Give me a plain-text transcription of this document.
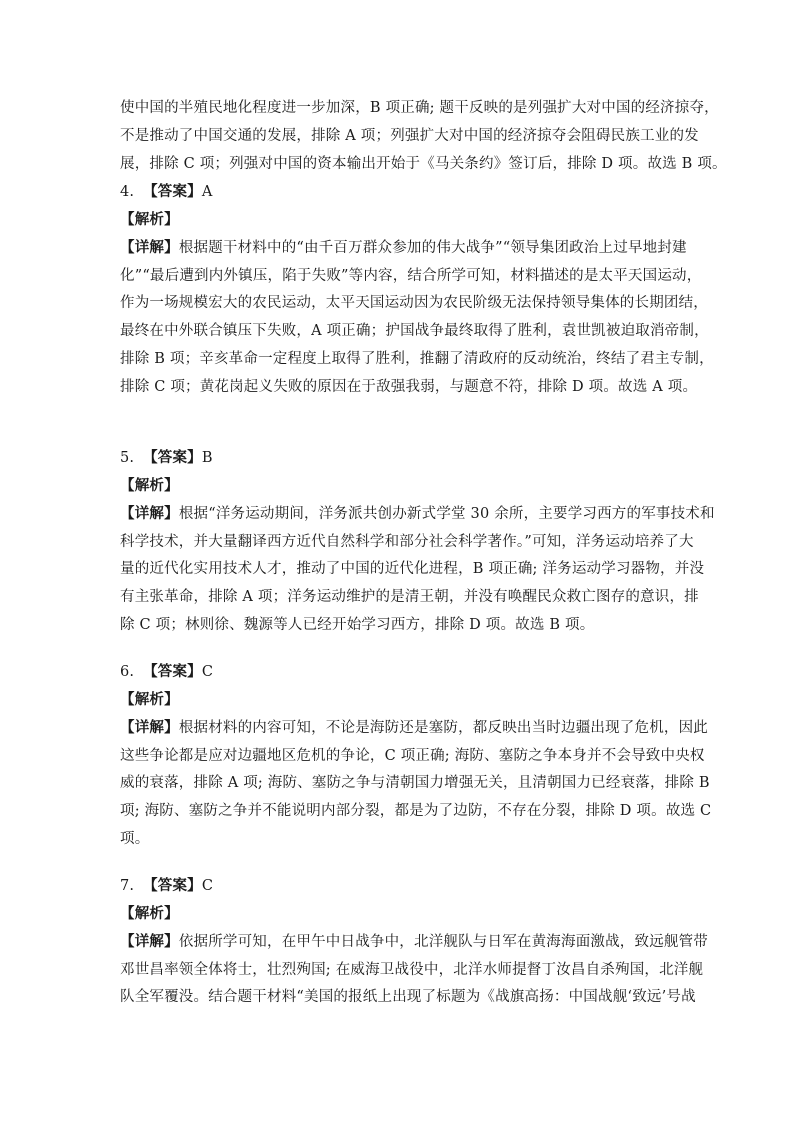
使中国的半殖民地化程度进一步加深，B 项正确; 题干反映的是列强扩大对中国的经济掠夺，
不是推动了中国交通的发展，排除 A 项；列强扩大对中国的经济掠夺会阻碍民族工业的发
展，排除 C 项；列强对中国的资本输出开始于《马关条约》签订后，排除 D 项。故选 B 项。
4. 【答案】A
【解析】
【详解】根据题干材料中的“由千百万群众参加的伟大战争”“领导集团政治上过早地封建
化”“最后遭到内外镇压，陷于失败”等内容，结合所学可知，材料描述的是太平天国运动，
作为一场规模宏大的农民运动，太平天国运动因为农民阶级无法保持领导集体的长期团结，
最终在中外联合镇压下失败，A 项正确；护国战争最终取得了胜利，袁世凯被迫取消帝制，
排除 B 项；辛亥革命一定程度上取得了胜利，推翻了清政府的反动统治，终结了君主专制，
排除 C 项；黄花岗起义失败的原因在于敌强我弱，与题意不符，排除 D 项。故选 A 项。
5. 【答案】B
【解析】
【详解】根据“洋务运动期间，洋务派共创办新式学堂 30 余所，主要学习西方的军事技术和
科学技术，并大量翻译西方近代自然科学和部分社会科学著作。”可知，洋务运动培养了大
量的近代化实用技术人才，推动了中国的近代化进程，B 项正确; 洋务运动学习器物，并没
有主张革命，排除 A 项；洋务运动维护的是清王朝，并没有唤醒民众救亡图存的意识，排
除 C 项；林则徐、魏源等人已经开始学习西方，排除 D 项。故选 B 项。
6. 【答案】C
【解析】
【详解】根据材料的内容可知，不论是海防还是塞防，都反映出当时边疆出现了危机，因此
这些争论都是应对边疆地区危机的争论，C 项正确; 海防、塞防之争本身并不会导致中央权
威的衰落，排除 A 项; 海防、塞防之争与清朝国力增强无关，且清朝国力已经衰落，排除 B
项; 海防、塞防之争并不能说明内部分裂，都是为了边防，不存在分裂，排除 D 项。故选 C
项。
7. 【答案】C
【解析】
【详解】依据所学可知，在甲午中日战争中，北洋舰队与日军在黄海海面激战，致远舰管带
邓世昌率领全体将士，壮烈殉国; 在威海卫战役中，北洋水师提督丁汝昌自杀殉国，北洋舰
队全军覆没。结合题干材料“美国的报纸上出现了标题为《战旗高扬：中国战舰‘致远’号战
